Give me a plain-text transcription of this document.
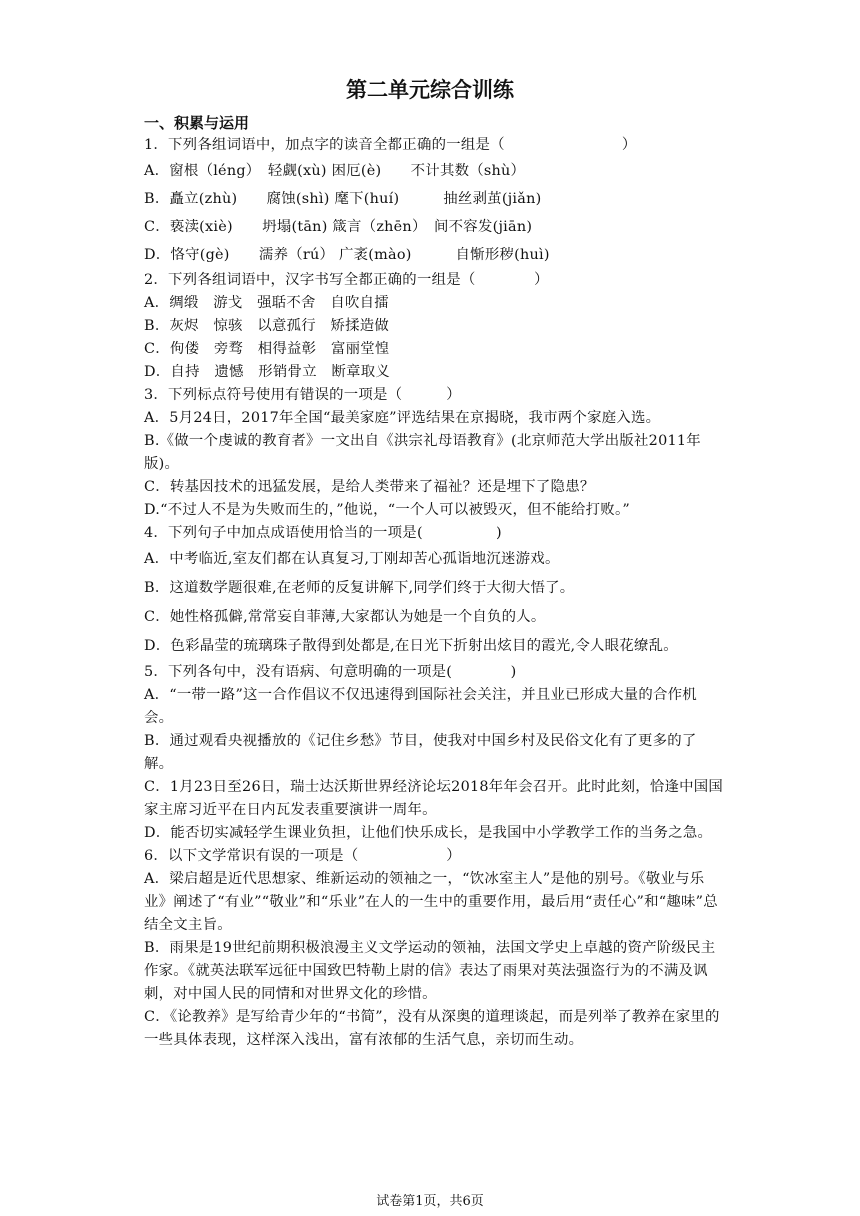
第二单元综合训练
一、积累与运用
1．下列各组词语中，加点字的读音全都正确的一组是（　　　　　　　　）
A．窗根（léng）　轻觑(xù) 困厄(è)　　不计其数（shù）
B．矗立(zhù)　　腐蚀(shì) 麾下(huí)　　　抽丝剥茧(jiǎn)
C．亵渎(xiè)　　坍塌(tān) 箴言（zhēn）　间不容发(jiān)
D．恪守(gè)　　濡养（rú） 广袤(mào)　　　自惭形秽(huì)
2．下列各组词语中，汉字书写全都正确的一组是（　　　　）
A．绸缎　游戈　强聒不舍　自吹自擂
B．灰烬　惊骇　以意孤行　矫揉造做
C．佝偻　旁骛　相得益彰　富丽堂惶
D．自持　遗憾　形销骨立　断章取义
3．下列标点符号使用有错误的一项是（　　　）
A．5月24日，2017年全国“最美家庭”评选结果在京揭晓，我市两个家庭入选。
B.《做一个虔诚的教育者》一文出自《洪宗礼母语教育》(北京师范大学出版社2011年版)。
C．转基因技术的迅猛发展，是给人类带来了福祉？还是埋下了隐患？
D.“不过人不是为失败而生的，”他说，“一个人可以被毁灭，但不能给打败。”
4．下列句子中加点成语使用恰当的一项是(　　　　　)
A．中考临近,室友们都在认真复习,丁刚却苦心孤诣地沉迷游戏。
B．这道数学题很难,在老师的反复讲解下,同学们终于大彻大悟了。
C．她性格孤僻,常常妄自菲薄,大家都认为她是一个自负的人。
D．色彩晶莹的琉璃珠子散得到处都是,在日光下折射出炫目的霞光,令人眼花缭乱。
5．下列各句中，没有语病、句意明确的一项是(　　　　)
A．“一带一路”这一合作倡议不仅迅速得到国际社会关注，并且业已形成大量的合作机会。
B．通过观看央视播放的《记住乡愁》节目，使我对中国乡村及民俗文化有了更多的了解。
C．1月23日至26日，瑞士达沃斯世界经济论坛2018年年会召开。此时此刻，恰逢中国国家主席习近平在日内瓦发表重要演讲一周年。
D．能否切实减轻学生课业负担，让他们快乐成长，是我国中小学教学工作的当务之急。
6．以下文学常识有误的一项是（　　　　　　）
A．梁启超是近代思想家、维新运动的领袖之一，“饮冰室主人”是他的别号。《敬业与乐业》阐述了“有业”“敬业”和“乐业”在人的一生中的重要作用，最后用“责任心”和“趣味”总结全文主旨。
B．雨果是19世纪前期积极浪漫主义文学运动的领袖，法国文学史上卓越的资产阶级民主作家。《就英法联军远征中国致巴特勒上尉的信》表达了雨果对英法强盗行为的不满及讽刺，对中国人民的同情和对世界文化的珍惜。
C．《论教养》是写给青少年的“书简”，没有从深奥的道理谈起，而是列举了教养在家里的一些具体表现，这样深入浅出，富有浓郁的生活气息，亲切而生动。
试卷第1页，共6页
